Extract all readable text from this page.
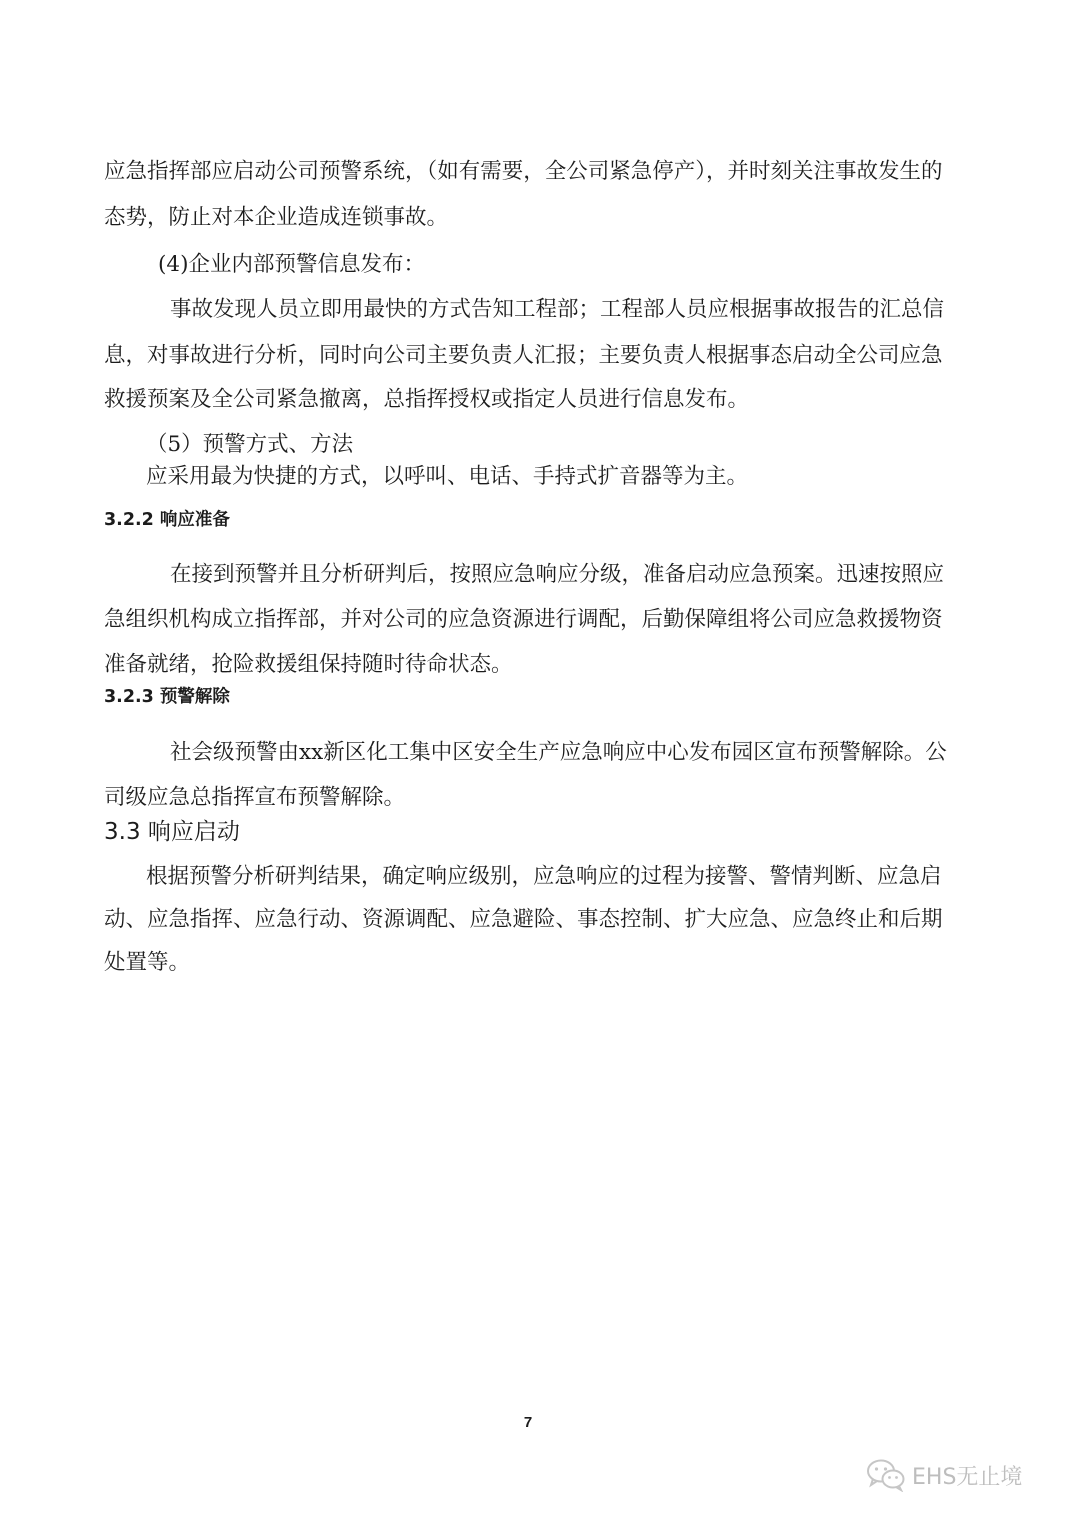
应急指挥部应启动公司预警系统，（如有需要，全公司紧急停产），并时刻关注事故发生的
态势，防止对本企业造成连锁事故。
(4)企业内部预警信息发布：
事故发现人员立即用最快的方式告知工程部；工程部人员应根据事故报告的汇总信
息，对事故进行分析，同时向公司主要负责人汇报；主要负责人根据事态启动全公司应急
救援预案及全公司紧急撤离，总指挥授权或指定人员进行信息发布。
（5）预警方式、方法
应采用最为快捷的方式，以呼叫、电话、手持式扩音器等为主。
3.2.2 响应准备
在接到预警并且分析研判后，按照应急响应分级，准备启动应急预案。迅速按照应
急组织机构成立指挥部，并对公司的应急资源进行调配，后勤保障组将公司应急救援物资
准备就绪，抢险救援组保持随时待命状态。
3.2.3 预警解除
社会级预警由xx新区化工集中区安全生产应急响应中心发布园区宣布预警解除。公
司级应急总指挥宣布预警解除。
3.3 响应启动
根据预警分析研判结果，确定响应级别，应急响应的过程为接警、警情判断、应急启
动、应急指挥、应急行动、资源调配、应急避险、事态控制、扩大应急、应急终止和后期
处置等。
7
EHS无止境
